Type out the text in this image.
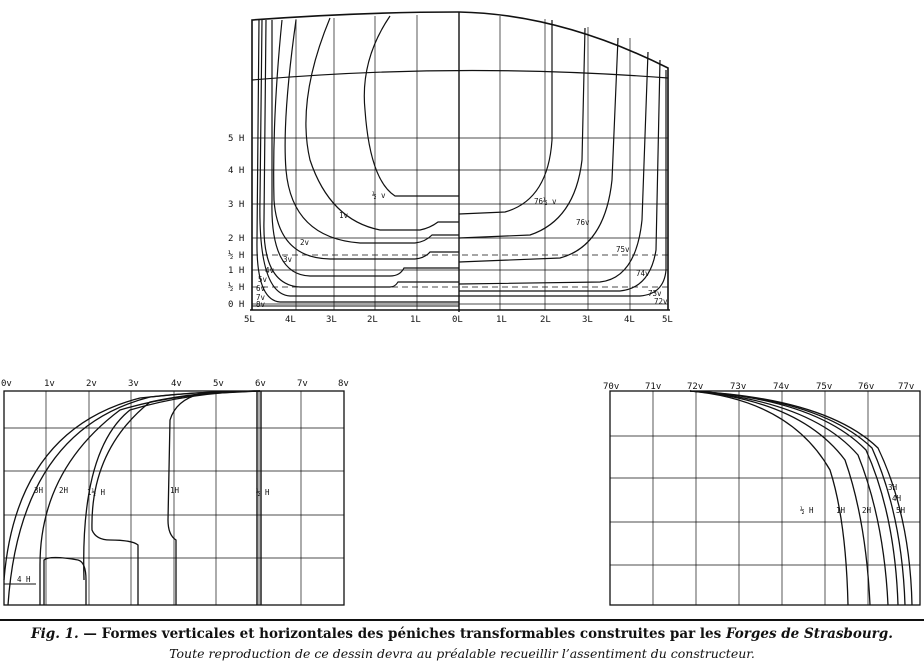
5 H
4 H
3 H
2 H
½ H
1 H
½ H
0 H
5L	4L	3L	2L	1L	0L	1L	2L	3L	4L	5L
½ v
1v
2v
3v
4v
5v
6v
7v
8v
76½ v
76v
75v
74v
73v
72v
0v	1v	2v	3v	4v	5v	6v	7v	8v
3H 2H	1½ H	1H	½ H
4 H
70v	71v	72v	73v	74v	75v	76v	77v
½ H	1H 2H
3H
4H
5H
Fig. 1. — Formes verticales et horizontales des péniches transformables construites par les Forges de Strasbourg.
Toute reproduction de ce dessin devra au préalable recueillir l’assentiment du constructeur.
